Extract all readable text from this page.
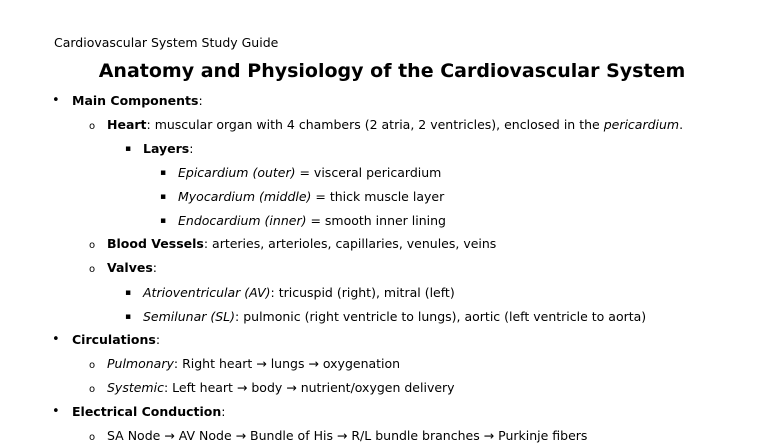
Cardiovascular System Study Guide
Anatomy and Physiology of the Cardiovascular System
• Main Components:
o Heart: muscular organ with 4 chambers (2 atria, 2 ventricles), enclosed in the pericardium.
▪ Layers:
▪ Epicardium (outer) = visceral pericardium
▪ Myocardium (middle) = thick muscle layer
▪ Endocardium (inner) = smooth inner lining
o Blood Vessels: arteries, arterioles, capillaries, venules, veins
o Valves:
▪ Atrioventricular (AV): tricuspid (right), mitral (left)
▪ Semilunar (SL): pulmonic (right ventricle to lungs), aortic (left ventricle to aorta)
• Circulations:
o Pulmonary: Right heart → lungs → oxygenation
o Systemic: Left heart → body → nutrient/oxygen delivery
• Electrical Conduction:
o SA Node → AV Node → Bundle of His → R/L bundle branches → Purkinje fibers
